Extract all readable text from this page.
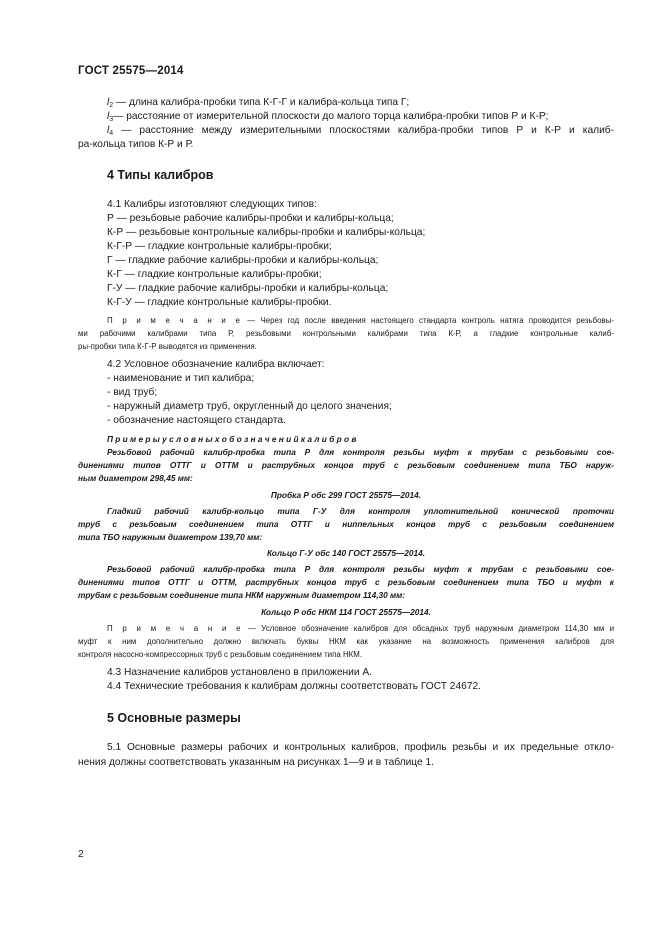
ГОСТ 25575—2014
$l_2$ — длина калибра-пробки типа К-Г-Г и калибра-кольца типа Г;
$l_3—$ расстояние от измерительной плоскости до малого торца калибра-пробки типов Р и К-Р;
$l_4$ — расстояние между измерительными плоскостями калибра-пробки типов Р и К-Р и калиб-
ра-кольца типов К-Р и Р.
4 Типы калибров
4.1 Калибры изготовляют следующих типов:
Р — резьбовые рабочие калибры-пробки и калибры-кольца;
К-Р — резьбовые контрольные калибры-пробки и калибры-кольца;
К-Г-Р — гладкие контрольные калибры-пробки;
Г — гладкие рабочие калибры-пробки и калибры-кольца;
К-Г — гладкие контрольные калибры-пробки;
Г-У — гладкие рабочие калибры-пробки и калибры-кольца;
К-Г-У — гладкие контрольные калибры-пробки.
П р и м е ч а н и е — Через год после введения настоящего стандарта контроль натяга проводится резьбовы-
ми рабочими калибрами типа Р, резьбовыми контрольными калибрами типа К-Р, а гладкие контрольные калиб-
ры-пробки типа К-Г-Р выводятся из применения.
4.2 Условное обозначение калибра включает:
- наименование и тип калибра;
- вид труб;
- наружный диаметр труб, округленный до целого значения;
- обозначение настоящего стандарта.
П р и м е р ы у с л о в н ы х о б о з н а ч е н и й к а л и б р о в
Резьбовой рабочий калибр-пробка типа Р для контроля резьбы муфт к трубам с резьбовыми сое-
динениями типов ОТТГ и ОТТМ и раструбных концов труб с резьбовым соединением типа ТБО наруж-
ным диаметром 298,45 мм:
Пробка Р обс 299 ГОСТ 25575—2014.
Гладкий рабочий калибр-кольцо типа Г-У для контроля уплотнительной конической проточки
труб с резьбовым соединением типа ОТТГ и ниппельных концов труб с резьбовым соединением
типа ТБО наружным диаметром 139,70 мм:
Кольцо Г-У обс 140 ГОСТ 25575—2014.
Резьбовой рабочий калибр-пробка типа Р для контроля резьбы муфт к трубам с резьбовыми сое-
динениями типов ОТТГ и ОТТМ, раструбных концов труб с резьбовым соединением типа ТБО и муфт к
трубам с резьбовым соединение типа НКМ наружным диаметром 114,30 мм:
Кольцо Р обс НКМ 114 ГОСТ 25575—2014.
П р и м е ч а н и е — Условное обозначение калибров для обсадных труб наружным диаметром 114,30 мм и
муфт к ним дополнительно должно включать буквы НКМ как указание на возможность применения калибров для
контроля насосно-компрессорных труб с резьбовым соединением типа НКМ.
4.3 Назначение калибров установлено в приложении А.
4.4 Технические требования к калибрам должны соответствовать ГОСТ 24672.
5 Основные размеры
5.1 Основные размеры рабочих и контрольных калибров, профиль резьбы и их предельные откло-
нения должны соответствовать указанным на рисунках 1—9 и в таблице 1.
2
